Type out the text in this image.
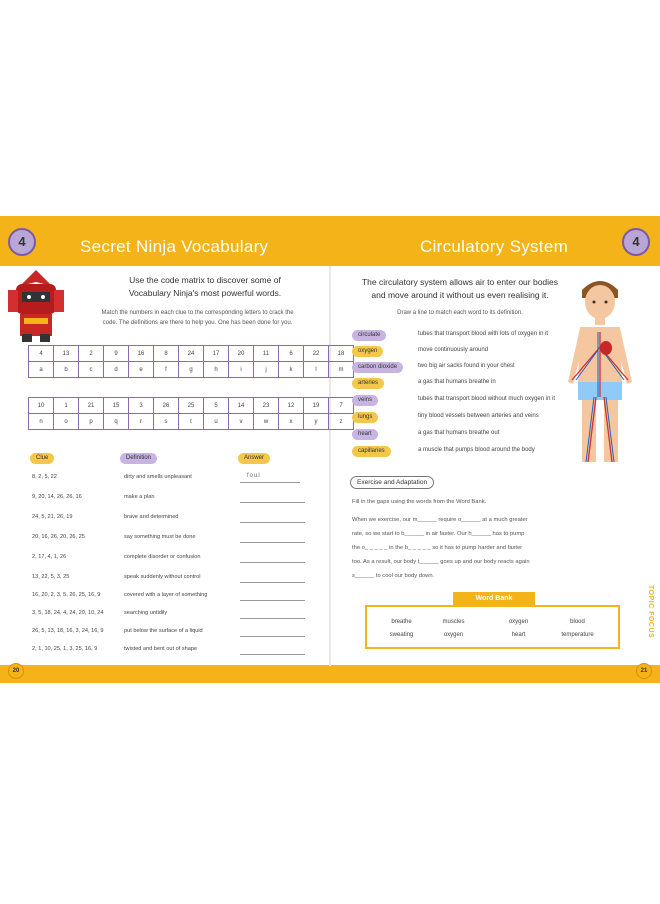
4	Secret Ninja Vocabulary
Use the code matrix to discover some of
Vocabulary Ninja's most powerful words.
Match the numbers in each clue to the corresponding letters to crack the
code. The definitions are there to help you. One has been done for you.
4	13	2	9	16	8	24	17	20	11	6	22	18
a	b	c	d	e	f	g	h	i	j	k	l	m
10	1	21	15	3	26	25	5	14	23	12	19	7
n	o	p	q	r	s	t	u	v	w	x	y	z
Clue	Definition	Answer
8, 2, 5, 22	dirty and smells unpleasant	foul
9, 20, 14, 26, 26, 16	make a plan
24, 5, 21, 26, 19	brave and determined
20, 16, 26, 20, 26, 25	say something must be done
2, 17, 4, 1, 26	complete disorder or confusion
13, 22, 5, 3, 25	speak suddenly without control
16, 20, 2, 3, 5, 26, 25, 16, 9	covered with a layer of something
3, 5, 18, 24, 4, 24, 20, 10, 24	searching untidily
26, 5, 13, 18, 16, 3, 24, 16, 9	put below the surface of a liquid
2, 1, 10, 25, 1, 3, 25, 16, 9	twisted and bent out of shape
20
Circulatory System	4
The circulatory system allows air to enter our bodies
and move around it without us even realising it.
Draw a line to match each word to its definition.
circulate	tubes that transport blood with lots of oxygen in it
oxygen	move continuously around
carbon dioxide	two big air sacks found in your chest
arteries	a gas that humans breathe in
veins	tubes that transport blood without much oxygen in it
lungs	tiny blood vessels between arteries and veins
heart	a gas that humans breathe out
capillaries	a muscle that pumps blood around the body
Exercise and Adaptation
Fill in the gaps using the words from the Word Bank.
When we exercise, our m______ require o______ at a much greater
rate, so we start to b______ in air faster. Our h______ has to pump
the o_ _ _ _ _ in the b_ _ _ _ _ so it has to pump harder and faster
too. As a result, our body t______ goes up and our body reacts again
s______ to cool our body down.
Word Bank
breathe	muscles	oxygen	blood
sweating	oxygen	heart	temperature	TOPIC FOCUS
21
